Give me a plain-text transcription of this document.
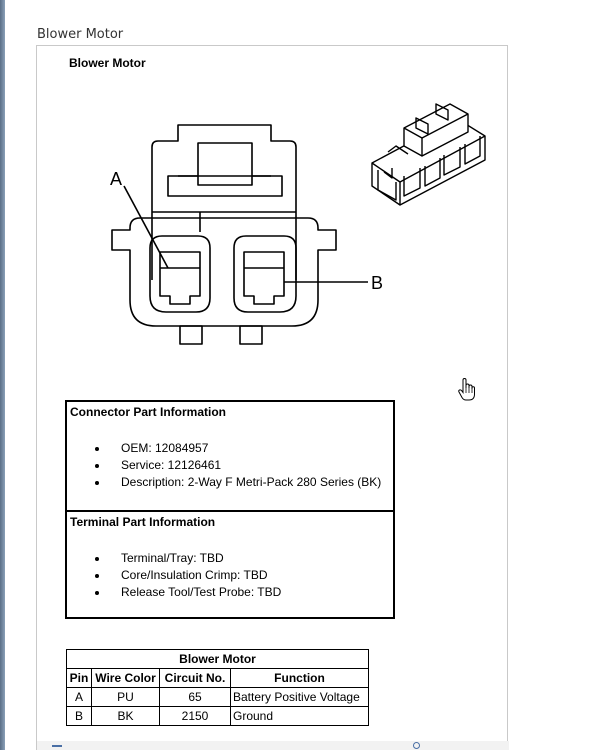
Blower Motor
Blower Motor
A
B
Connector Part Information
OEM: 12084957
Service: 12126461
Description: 2-Way F Metri-Pack 280 Series (BK)
Terminal Part Information
Terminal/Tray: TBD
Core/Insulation Crimp: TBD
Release Tool/Test Probe: TBD
Blower Motor			
Pin	Wire Color	Circuit No.	Function
A	PU	65	Battery Positive Voltage
B	BK	2150	Ground
